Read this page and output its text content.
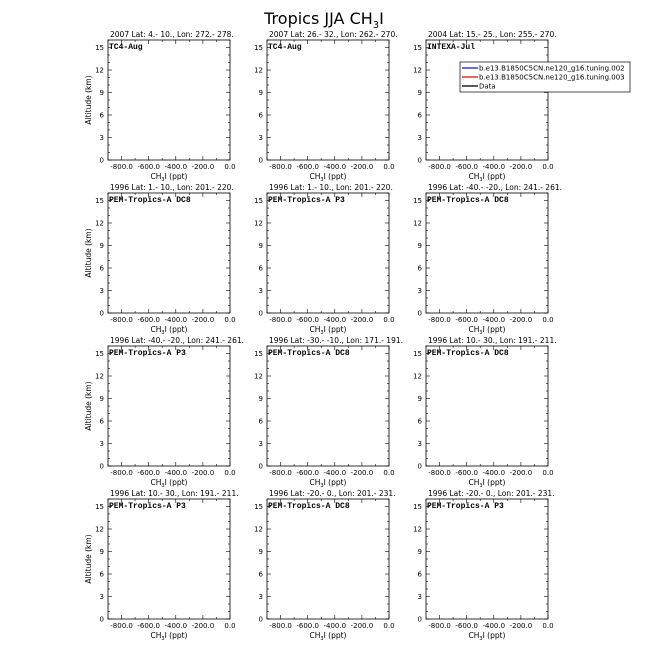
Tropics JJA $CH_3I$
2007 Lat: 4.- 10., Lon: 272.- 278.
TC4-Aug
-800.0 -600.0 -400.0 -200.0 0.0
0
3
6
9
12
15
$CH_3I$ (ppt)
Altitude (km)
2007 Lat: 26.- 32., Lon: 262.- 270.
TC4-Aug
-800.0 -600.0 -400.0 -200.0 0.0
0
3
6
9
12
15
$CH_3I$ (ppt)
2004 Lat: 15.- 25., Lon: 255.- 270.
INTEXA-Jul
-800.0 -600.0 -400.0 -200.0 0.0
0
3
6
9
12
15
$CH_3I$ (ppt)
1996 Lat: 1.- 10., Lon: 201.- 220.
PEM-Tropics-A DC8
-800.0 -600.0 -400.0 -200.0 0.0
0
3
6
9
12
15
$CH_3I$ (ppt)
Altitude (km)
1996 Lat: 1.- 10., Lon: 201.- 220.
PEM-Tropics-A P3
-800.0 -600.0 -400.0 -200.0 0.0
0
3
6
9
12
15
$CH_3I$ (ppt)
1996 Lat: -40.- -20., Lon: 241.- 261.
PEM-Tropics-A DC8
-800.0 -600.0 -400.0 -200.0 0.0
0
3
6
9
12
15
$CH_3I$ (ppt)
1996 Lat: -40.- -20., Lon: 241.- 261.
PEM-Tropics-A P3
-800.0 -600.0 -400.0 -200.0 0.0
0
3
6
9
12
15
$CH_3I$ (ppt)
Altitude (km)
1996 Lat: -30.- -10., Lon: 171.- 191.
PEM-Tropics-A DC8
-800.0 -600.0 -400.0 -200.0 0.0
0
3
6
9
12
15
$CH_3I$ (ppt)
1996 Lat: 10.- 30., Lon: 191.- 211.
PEM-Tropics-A DC8
-800.0 -600.0 -400.0 -200.0 0.0
0
3
6
9
12
15
$CH_3I$ (ppt)
1996 Lat: 10.- 30., Lon: 191.- 211.
PEM-Tropics-A P3
-800.0 -600.0 -400.0 -200.0 0.0
0
3
6
9
12
15
$CH_3I$ (ppt)
Altitude (km)
1996 Lat: -20.- 0., Lon: 201.- 231.
PEM-Tropics-A DC8
-800.0 -600.0 -400.0 -200.0 0.0
0
3
6
9
12
15
$CH_3I$ (ppt)
1996 Lat: -20.- 0., Lon: 201.- 231.
PEM-Tropics-A P3
-800.0 -600.0 -400.0 -200.0 0.0
0
3
6
9
12
15
$CH_3I$ (ppt)
b.e13.B1850C5CN.ne120_g16.tuning.002
b.e13.B1850C5CN.ne120_g16.tuning.003
Data
